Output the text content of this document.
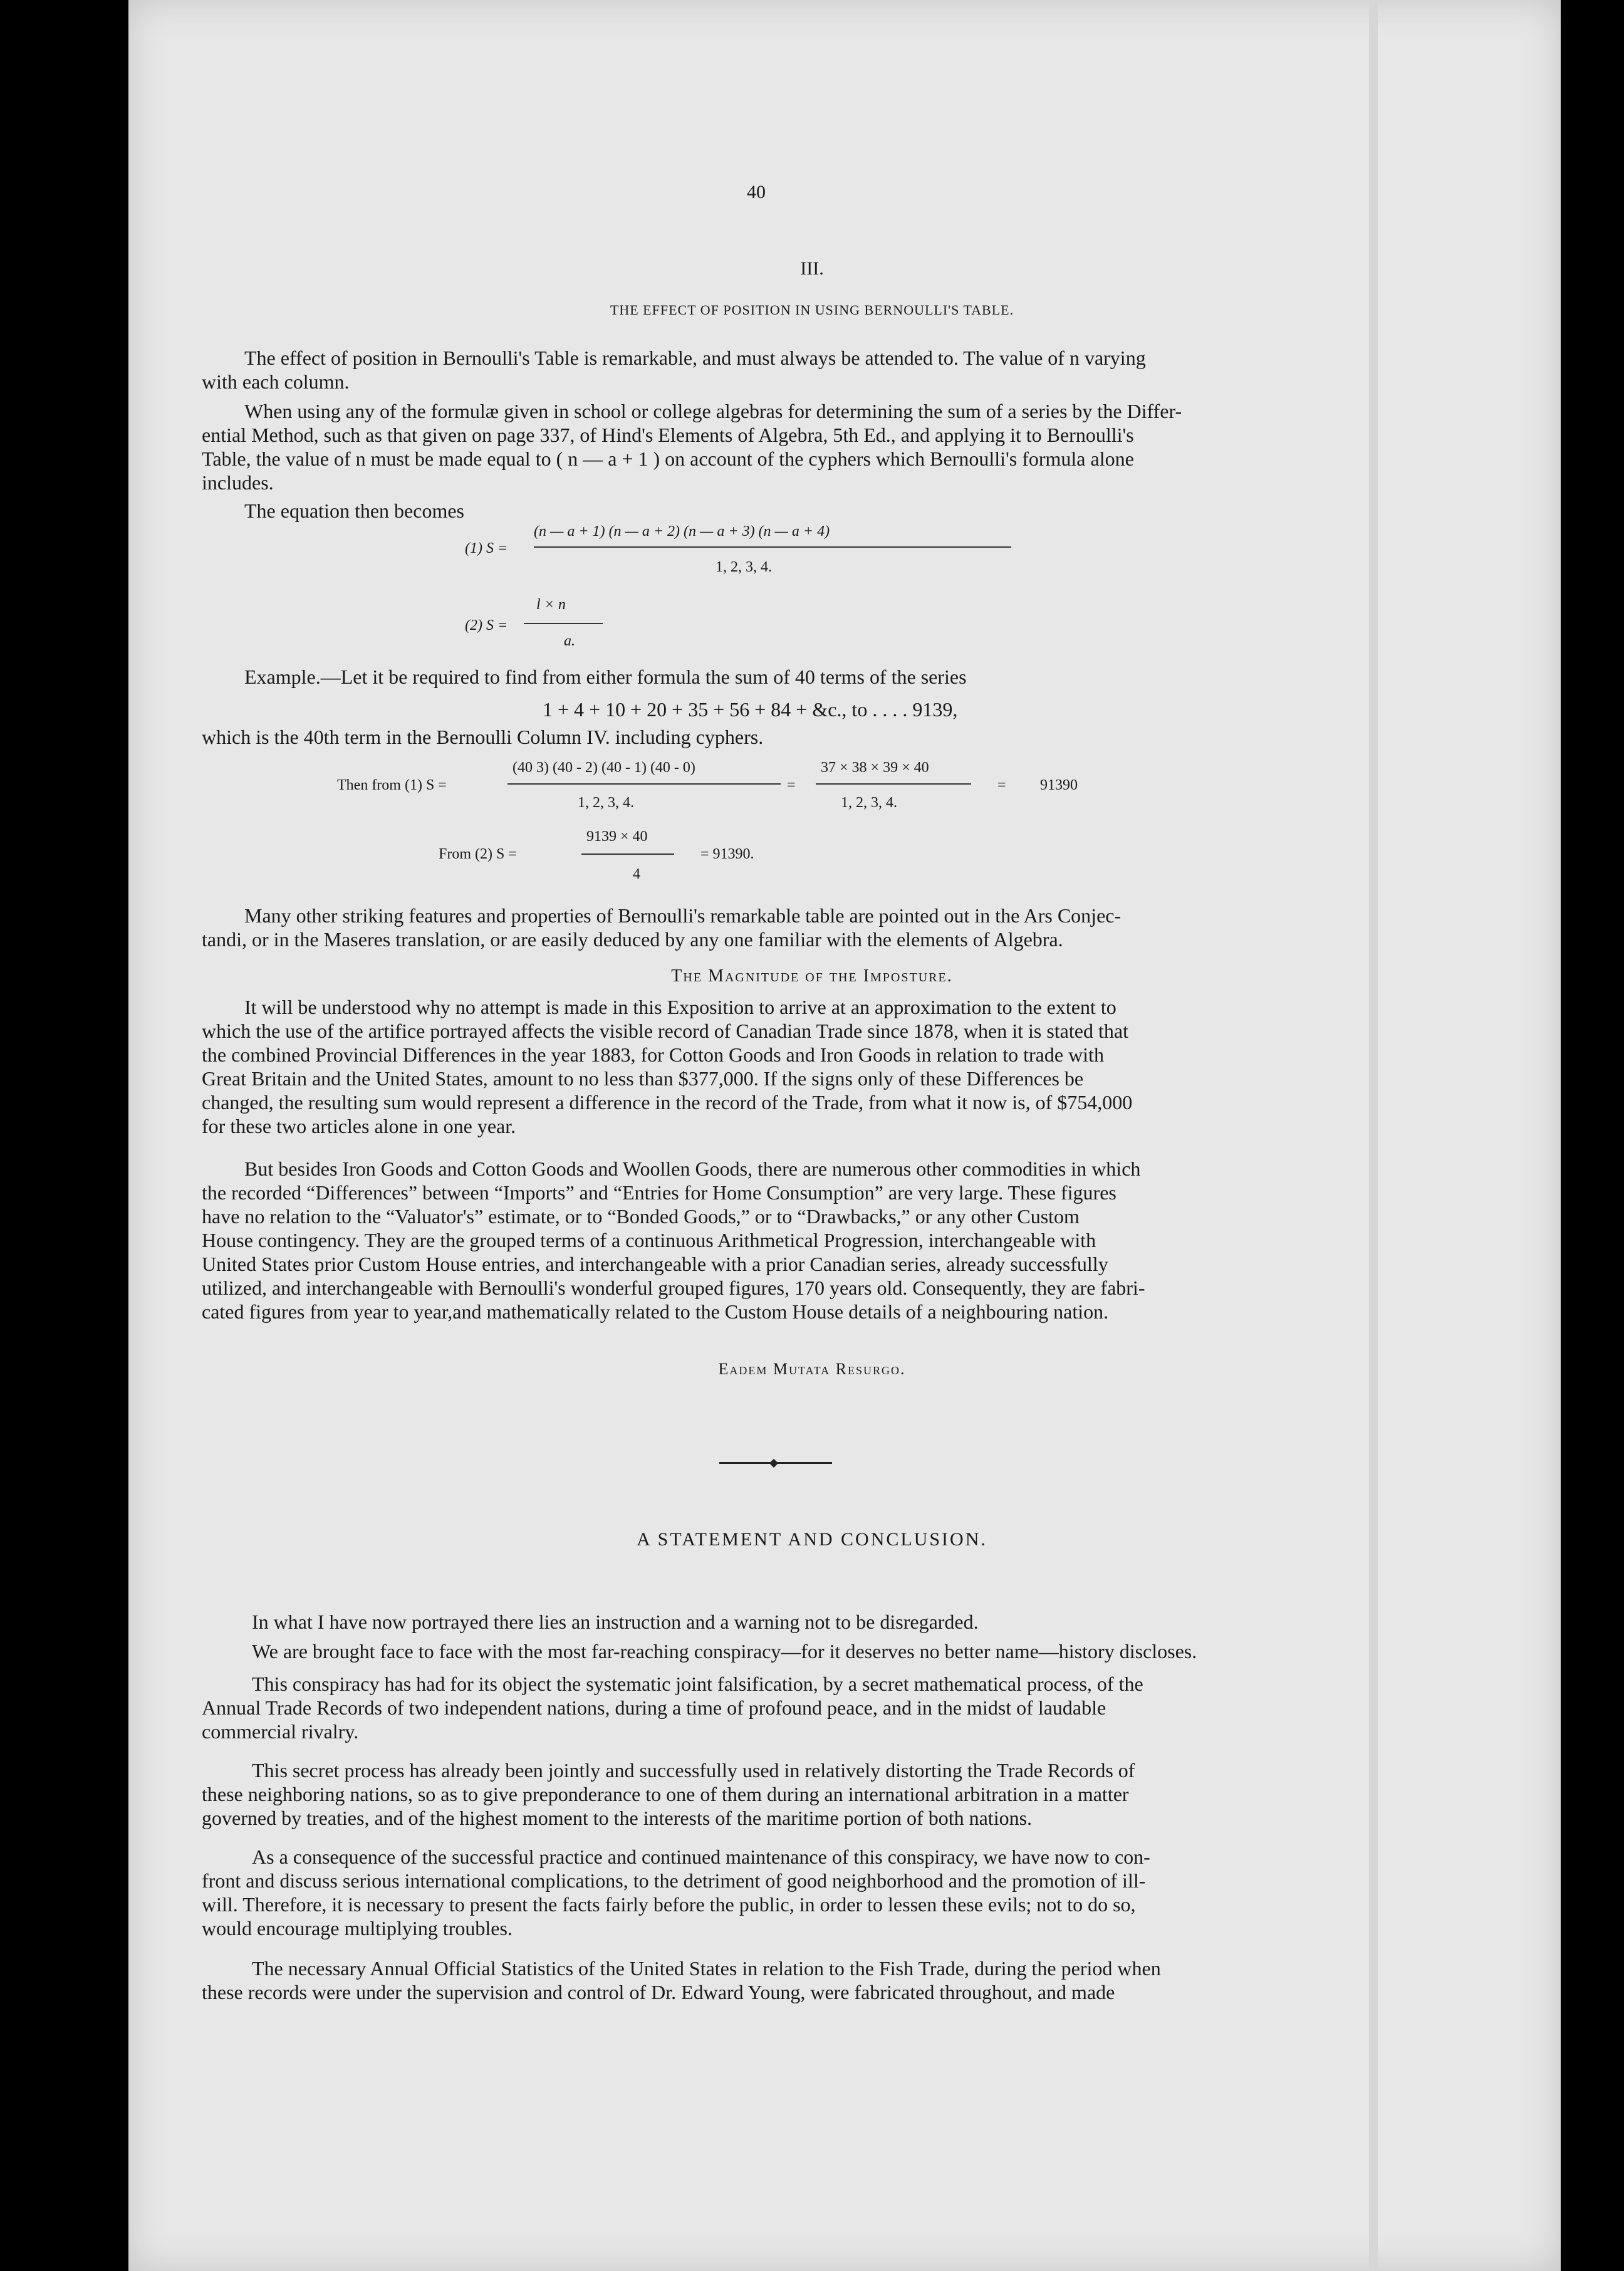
40
III.
THE EFFECT OF POSITION IN USING BERNOULLI'S TABLE.

The effect of position in Bernoulli's Table is remarkable, and must always be attended to. The value of n varying

with each column.

When using any of the formulæ given in school or college algebras for determining the sum of a series by the Differ-

ential Method, such as that given on page 337, of Hind's Elements of Algebra, 5th Ed., and applying it to Bernoulli's

Table, the value of n must be made equal to ( n — a + 1 ) on account of the cyphers which Bernoulli's formula alone

includes.

The equation then becomes
(1) S =
(n — a + 1) (n — a + 2) (n — a + 3) (n — a + 4)
1, 2, 3, 4.
(2) S =
l × n
a.
Example.—Let it be required to find from either formula the sum of 40 terms of the series
1 + 4 + 10 + 20 + 35 + 56 + 84 + &c., to . . . . 9139,
which is the 40th term in the Bernoulli Column IV. including cyphers.
Then from (1) S =
(40 3) (40 - 2) (40 - 1) (40 - 0)
1, 2, 3, 4.
=
37 × 38 × 39 × 40
1, 2, 3, 4.
= 91390
From (2) S =
9139 × 40
4
= 91390.

Many other striking features and properties of Bernoulli's remarkable table are pointed out in the Ars Conjec-

tandi, or in the Maseres translation, or are easily deduced by any one familiar with the elements of Algebra.

The Magnitude of the Imposture.

It will be understood why no attempt is made in this Exposition to arrive at an approximation to the extent to

which the use of the artifice portrayed affects the visible record of Canadian Trade since 1878, when it is stated that

the combined Provincial Differences in the year 1883, for Cotton Goods and Iron Goods in relation to trade with

Great Britain and the United States, amount to no less than $377,000. If the signs only of these Differences be

changed, the resulting sum would represent a difference in the record of the Trade, from what it now is, of $754,000

for these two articles alone in one year.

But besides Iron Goods and Cotton Goods and Woollen Goods, there are numerous other commodities in which

the recorded “Differences” between “Imports” and “Entries for Home Consumption” are very large. These figures

have no relation to the “Valuator's” estimate, or to “Bonded Goods,” or to “Drawbacks,” or any other Custom

House contingency. They are the grouped terms of a continuous Arithmetical Progression, interchangeable with

United States prior Custom House entries, and interchangeable with a prior Canadian series, already successfully

utilized, and interchangeable with Bernoulli's wonderful grouped figures, 170 years old. Consequently, they are fabri-

cated figures from year to year,and mathematically related to the Custom House details of a neighbouring nation.

Eadem Mutata Resurgo.
A STATEMENT AND CONCLUSION.
In what I have now portrayed there lies an instruction and a warning not to be disregarded.
We are brought face to face with the most far-reaching conspiracy—for it deserves no better name—history discloses.

This conspiracy has had for its object the systematic joint falsification, by a secret mathematical process, of the

Annual Trade Records of two independent nations, during a time of profound peace, and in the midst of laudable

commercial rivalry.

This secret process has already been jointly and successfully used in relatively distorting the Trade Records of

these neighboring nations, so as to give preponderance to one of them during an international arbitration in a matter

governed by treaties, and of the highest moment to the interests of the maritime portion of both nations.

As a consequence of the successful practice and continued maintenance of this conspiracy, we have now to con-

front and discuss serious international complications, to the detriment of good neighborhood and the promotion of ill-

will. Therefore, it is necessary to present the facts fairly before the public, in order to lessen these evils; not to do so,

would encourage multiplying troubles.

The necessary Annual Official Statistics of the United States in relation to the Fish Trade, during the period when

these records were under the supervision and control of Dr. Edward Young, were fabricated throughout, and made
